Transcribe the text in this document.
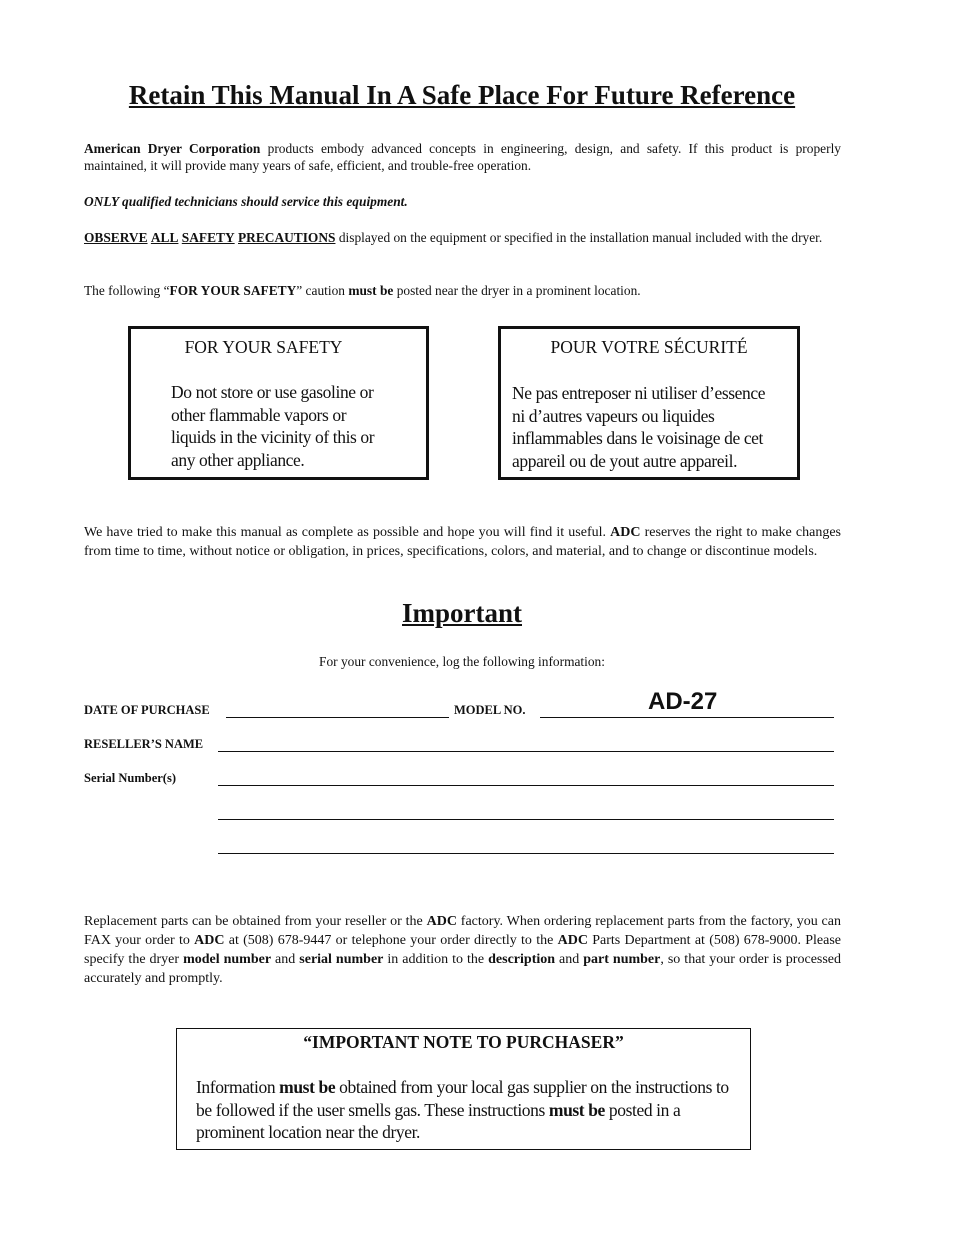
Retain This Manual In A Safe Place For Future Reference
American Dryer Corporation products embody advanced concepts in engineering, design, and safety. If this product is properly maintained, it will provide many years of safe, efficient, and trouble-free operation.
ONLY qualified technicians should service this equipment.
OBSERVE ALL SAFETY PRECAUTIONS displayed on the equipment or specified in the installation manual included with the dryer.
The following “FOR YOUR SAFETY” caution must be posted near the dryer in a prominent location.
FOR YOUR SAFETY
Do not store or use gasoline or
other flammable vapors or
liquids in the vicinity of this or
any other appliance.
POUR VOTRE SÉCURITÉ
Ne pas entreposer ni utiliser d’essence
ni d’autres vapeurs ou liquides
inflammables dans le voisinage de cet
appareil ou de yout autre appareil.
We have tried to make this manual as complete as possible and hope you will find it useful. ADC reserves the right to make changes from time to time, without notice or obligation, in prices, specifications, colors, and material, and to change or discontinue models.
Important
For your convenience, log the following information:
DATE OF PURCHASE	MODEL NO.	AD-27
RESELLER’S NAME
Serial Number(s)
Replacement parts can be obtained from your reseller or the ADC factory. When ordering replacement parts from the factory, you can FAX your order to ADC at (508) 678-9447 or telephone your order directly to the ADC Parts Department at (508) 678-9000. Please specify the dryer model number and serial number in addition to the description and part number, so that your order is processed accurately and promptly.
“IMPORTANT NOTE TO PURCHASER”
Information must be obtained from your local gas supplier on the instructions to be followed if the user smells gas. These instructions must be posted in a prominent location near the dryer.
